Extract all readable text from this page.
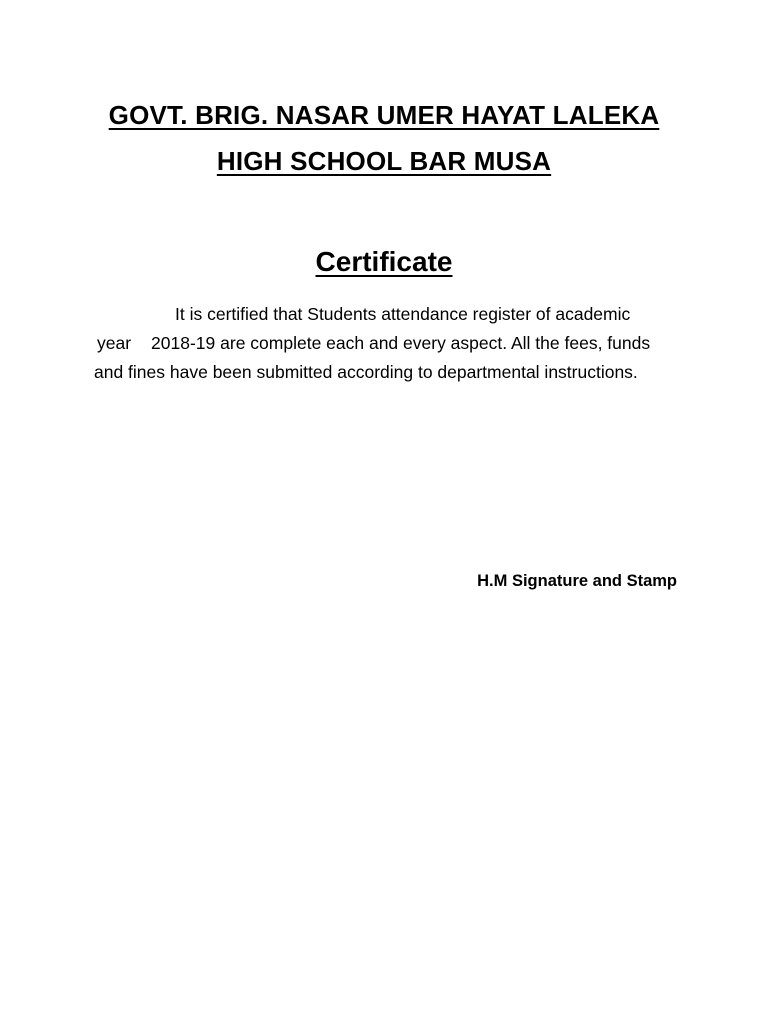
GOVT. BRIG. NASAR UMER HAYAT LALEKA
HIGH SCHOOL BAR MUSA
Certificate
It is certified that Students attendance register of academic
year 2018-19 are complete each and every aspect. All the fees, funds
and fines have been submitted according to departmental instructions.
H.M Signature and Stamp
